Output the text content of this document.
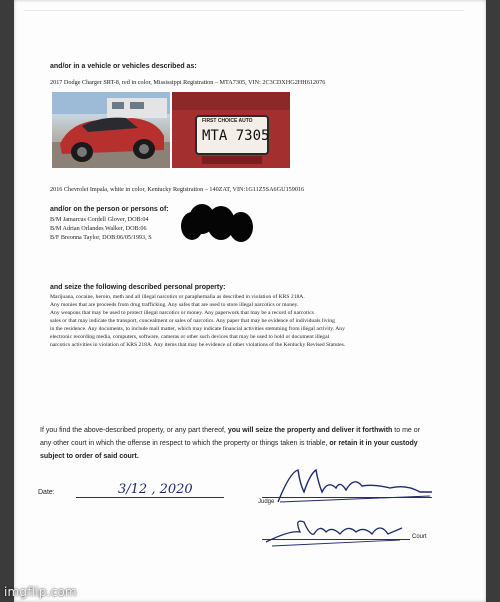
and/or in a vehicle or vehicles described as:
2017 Dodge Charger SRT-8, red in color, Mississippi Registration – MTA7305, VIN: 2C3CDXHG2HH612076
FIRST CHOICE AUTO
MTA 7305
2016 Chevrolet Impala, white in color, Kentucky Registration – 140ZAT, VIN:1G11Z5SA6GU159016
and/or on the person or persons of:
B/M Jamarcus Cordell Glover, DOB:04
B/M Adrian Orlandes Walker, DOB:06
B/F Breonna Taylor, DOB:06/05/1993, S
and seize the following described personal property:
Marijuana, cocaine, heroin, meth and all illegal narcotics or paraphernalia as described in violation of KRS 218A.
Any monies that are proceeds from drug trafficking. Any safes that are used to store illegal narcotics or money.
Any weapons that may be used to protect illegal narcotics or money. Any paperwork that may be a record of narcotics
sales or that may indicate the transport, concealment or sales of narcotics. Any paper that may be evidence of individuals living
in the residence. Any documents, to include mail matter, which may indicate financial activities stemming from illegal activity. Any
electronic recording media, computers, software, cameras or other such devices that may be used to hold or document illegal
narcotics activities in violation of KRS 218A. Any items that may be evidence of other violations of the Kentucky Revised Statutes.
If you find the above-described property, or any part thereof, you will seize the property and deliver it forthwith to me or
any other court in which the offense in respect to which the property or things taken is triable, or retain it in your custody
subject to order of said court.
Date:	3/12 , 2020
Judge
Court
imgflip.com
